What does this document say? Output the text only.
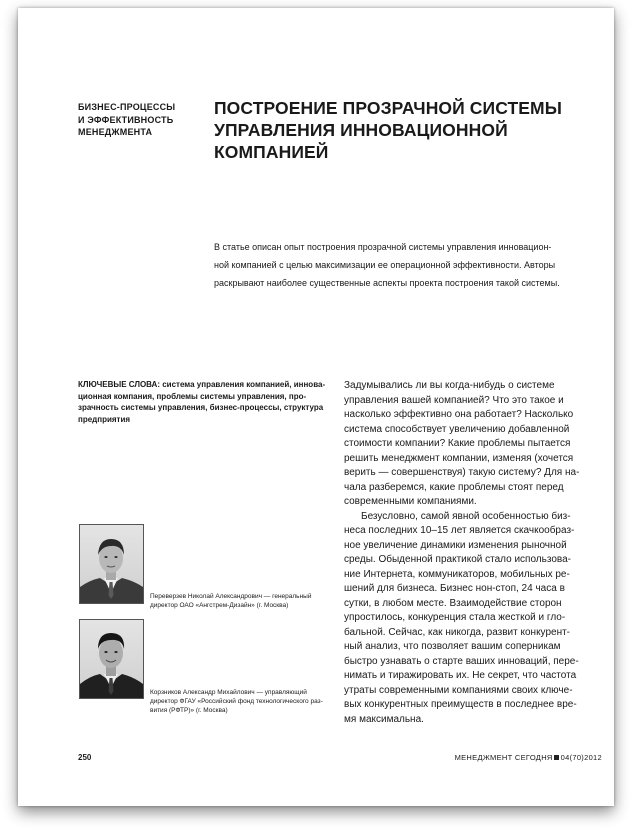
БИЗНЕС-ПРОЦЕССЫ
И ЭФФЕКТИВНОСТЬ
МЕНЕДЖМЕНТА
ПОСТРОЕНИЕ ПРОЗРАЧНОЙ СИСТЕМЫ
УПРАВЛЕНИЯ ИННОВАЦИОННОЙ
КОМПАНИЕЙ
В статье описан опыт построения прозрачной системы управления инновацион-
ной компанией с целью максимизации ее операционной эффективности. Авторы
раскрывают наиболее существенные аспекты проекта построения такой системы.
КЛЮЧЕВЫЕ СЛОВА: система управления компанией, иннова-
ционная компания, проблемы системы управления, про-
зрачность системы управления, бизнес-процессы, структура
предприятия
Задумывались ли вы когда-нибудь о системе
управления вашей компанией? Что это такое и
насколько эффективно она работает? Насколько
система способствует увеличению добавленной
стоимости компании? Какие проблемы пытается
решить менеджмент компании, изменяя (хочется
верить — совершенствуя) такую систему? Для на-
чала разберемся, какие проблемы стоят перед
современными компаниями.
Безусловно, самой явной особенностью биз-
неса последних 10–15 лет является скачкообраз-
ное увеличение динамики изменения рыночной
среды. Обыденной практикой стало использова-
ние Интернета, коммуникаторов, мобильных ре-
шений для бизнеса. Бизнес нон-стоп, 24 часа в
сутки, в любом месте. Взаимодействие сторон
упростилось, конкуренция стала жесткой и гло-
бальной. Сейчас, как никогда, развит конкурент-
ный анализ, что позволяет вашим соперникам
быстро узнавать о старте ваших инноваций, пере-
нимать и тиражировать их. Не секрет, что частота
утраты современными компаниями своих ключе-
вых конкурентных преимуществ в последнее вре-
мя максимальна.
Переверзев Николай Александрович — генеральный
директор ОАО «Ангстрем-Дизайн» (г. Москва)
Корзников Александр Михайлович — управляющий
директор ФГАУ «Российский фонд технологического раз-
вития (РФТР)» (г. Москва)
250	МЕНЕДЖМЕНТ СЕГОДНЯ 04(70)2012
